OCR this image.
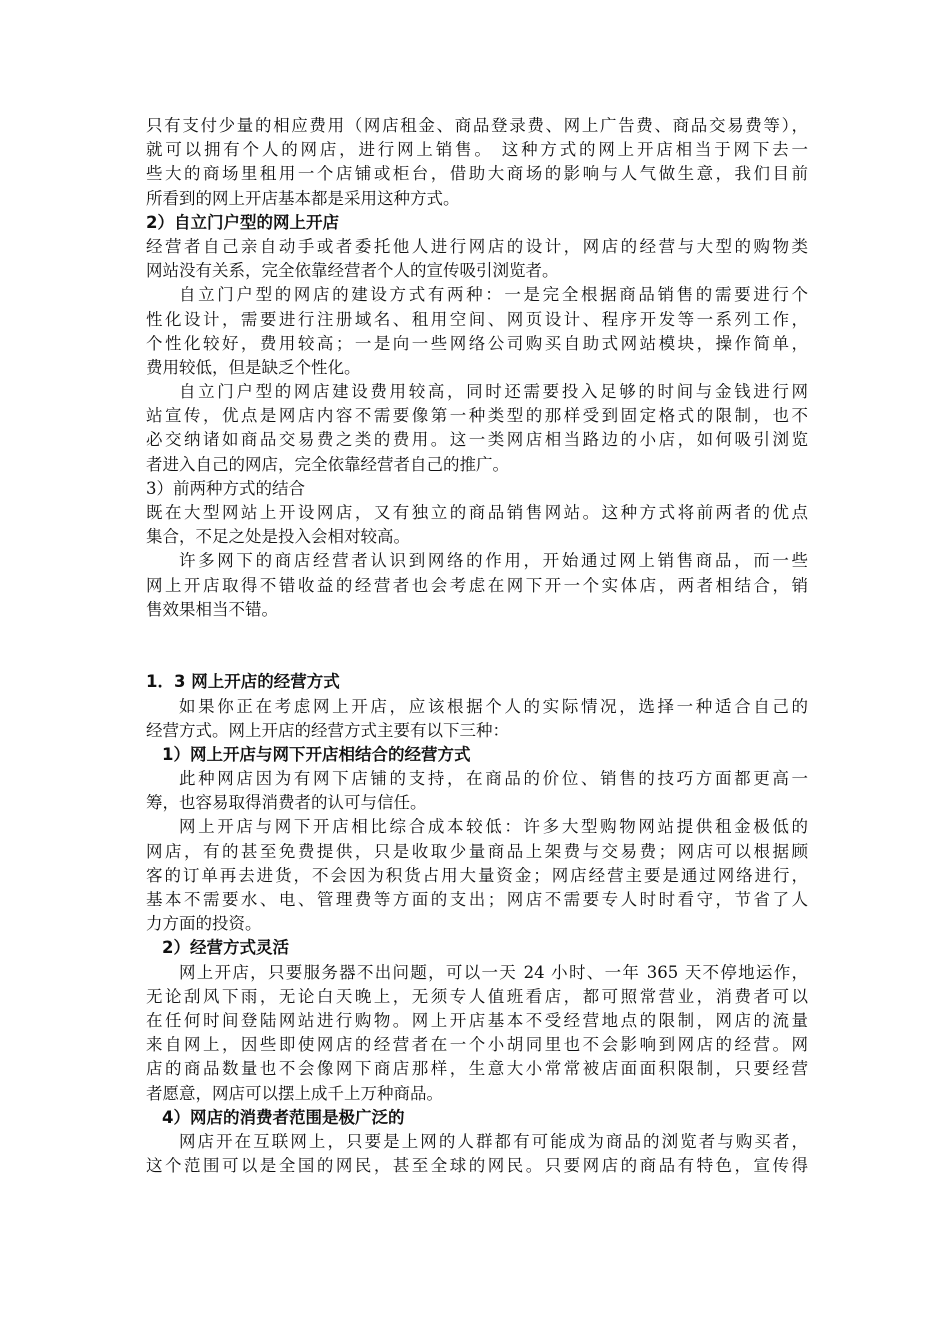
只有支付少量的相应费用（网店租金、商品登录费、网上广告费、商品交易费等），
就可以拥有个人的网店，进行网上销售。 这种方式的网上开店相当于网下去一
些大的商场里租用一个店铺或柜台，借助大商场的影响与人气做生意，我们目前
所看到的网上开店基本都是采用这种方式。
2）自立门户型的网上开店
经营者自己亲自动手或者委托他人进行网店的设计，网店的经营与大型的购物类
网站没有关系，完全依靠经营者个人的宣传吸引浏览者。
自立门户型的网店的建设方式有两种：一是完全根据商品销售的需要进行个
性化设计，需要进行注册域名、租用空间、网页设计、程序开发等一系列工作，
个性化较好，费用较高；一是向一些网络公司购买自助式网站模块，操作简单，
费用较低，但是缺乏个性化。
自立门户型的网店建设费用较高，同时还需要投入足够的时间与金钱进行网
站宣传，优点是网店内容不需要像第一种类型的那样受到固定格式的限制，也不
必交纳诸如商品交易费之类的费用。这一类网店相当路边的小店，如何吸引浏览
者进入自己的网店，完全依靠经营者自己的推广。
3）前两种方式的结合
既在大型网站上开设网店，又有独立的商品销售网站。这种方式将前两者的优点
集合，不足之处是投入会相对较高。
许多网下的商店经营者认识到网络的作用，开始通过网上销售商品，而一些
网上开店取得不错收益的经营者也会考虑在网下开一个实体店，两者相结合，销
售效果相当不错。
1．3 网上开店的经营方式
如果你正在考虑网上开店，应该根据个人的实际情况，选择一种适合自己的
经营方式。网上开店的经营方式主要有以下三种：
1）网上开店与网下开店相结合的经营方式
此种网店因为有网下店铺的支持，在商品的价位、销售的技巧方面都更高一
筹，也容易取得消费者的认可与信任。
网上开店与网下开店相比综合成本较低：许多大型购物网站提供租金极低的
网店，有的甚至免费提供，只是收取少量商品上架费与交易费；网店可以根据顾
客的订单再去进货，不会因为积货占用大量资金；网店经营主要是通过网络进行，
基本不需要水、电、管理费等方面的支出；网店不需要专人时时看守，节省了人
力方面的投资。
2）经营方式灵活
网上开店，只要服务器不出问题，可以一天 24 小时、一年 365 天不停地运作，
无论刮风下雨，无论白天晚上，无须专人值班看店，都可照常营业，消费者可以
在任何时间登陆网站进行购物。网上开店基本不受经营地点的限制，网店的流量
来自网上，因些即使网店的经营者在一个小胡同里也不会影响到网店的经营。网
店的商品数量也不会像网下商店那样，生意大小常常被店面面积限制，只要经营
者愿意，网店可以摆上成千上万种商品。
4）网店的消费者范围是极广泛的
网店开在互联网上，只要是上网的人群都有可能成为商品的浏览者与购买者，
这个范围可以是全国的网民，甚至全球的网民。只要网店的商品有特色，宣传得
